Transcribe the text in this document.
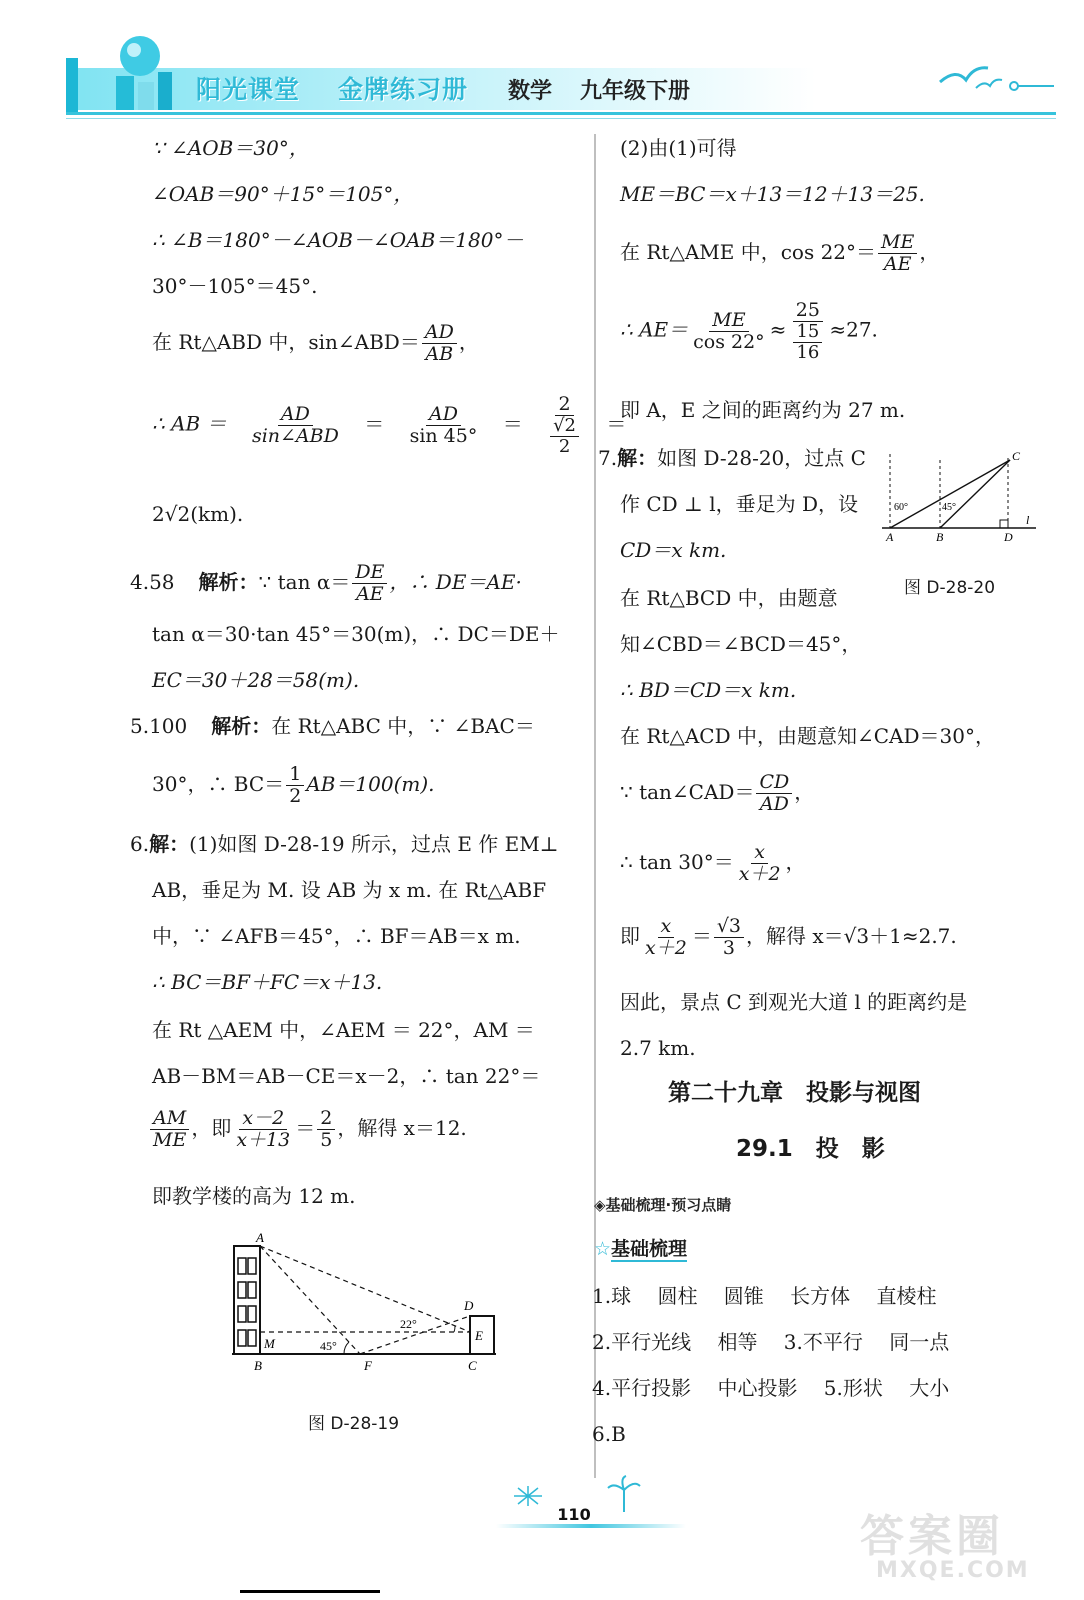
阳光课堂 金牌练习册 数学 九年级下册
∵ ∠AOB＝30°，
∠OAB＝90°＋15°＝105°，
∴ ∠B＝180°－∠AOB－∠OAB＝180°－
30°－105°＝45°.
在 Rt△ABD 中，sin∠ABD＝ $\frac{AD}{AB}$ ，
∴ AB ＝ $\frac{AD}{\text{sin∠ABD}} = \frac{AD}{\sin 45^\circ} = \frac{2}{\frac{√2}{2}}$ ＝
2√2(km).
4.58 解析：∵ $\tan \alpha= \frac{DE}{AE}$ ，∴ DE＝AE·
tan α＝30·tan 45°＝30(m)，∴ DC＝DE＋
EC＝30＋28＝58(m).
5.100 解析：在 Rt△ABC 中，∵ ∠BAC＝
30°，∴ $BC= \frac{1}{2} AB=100(m)$.
6.解：(1)如图 D-28-19 所示，过点 E 作 EM⊥
AB，垂足为 M. 设 AB 为 x m. 在 Rt△ABF
中，∵ ∠AFB＝45°，∴ BF＝AB＝x m.
∴ BC＝BF＋FC＝x＋13.
在 Rt △AEM 中，∠AEM ＝ 22°，AM ＝
AB－BM＝AB－CE＝x－2，∴ tan 22°＝
$\frac{AM}{ME}$ ，即 $\frac{x-2}{x+13} = \frac{2}{5}$ ，解得 x＝12.
即教学楼的高为 12 m.
A
B
M
F	C
D
E
45°
22°
图 D-28-19
(2)由(1)可得
ME＝BC＝x＋13＝12＋13＝25.
在 Rt△AME 中，$\cos 22^\circ= \frac{ME}{AE}$ ，
∴ $AE= \frac{ME}{\cos 22^\circ} \approx \frac{25}{\frac{15}{16}} \approx 27$.
即 A，E 之间的距离约为 27 m.
7.解：如图 D-28-20，过点 C
作 CD ⊥ l，垂足为 D，设
CD＝x km.
在 Rt△BCD 中，由题意
知∠CBD＝∠BCD＝45°，
∴ BD＝CD＝x km.
在 Rt△ACD 中，由题意知∠CAD＝30°，
∵ tan∠CAD＝ $\frac{CD}{AD}$ ，
∴ $\tan 30^\circ= \frac{x}{x+2}$ ，
即 $\frac{x}{x+2} = \frac{√3}{3}$ ，解得 x＝√3＋1≈2.7.
因此，景点 C 到观光大道 l 的距离约是
2.7 km.
A	B
C
D
l
60°	45°
图 D-28-20
第二十九章　投影与视图
29.1　投　影
◈基础梳理·预习点睛
☆基础梳理
1.球　 圆柱　 圆锥　 长方体　 直棱柱
2.平行光线　 相等　 3.不平行　 同一点
4.平行投影　 中心投影　 5.形状　 大小
6.B
110	答案圈
MXQE.COM
